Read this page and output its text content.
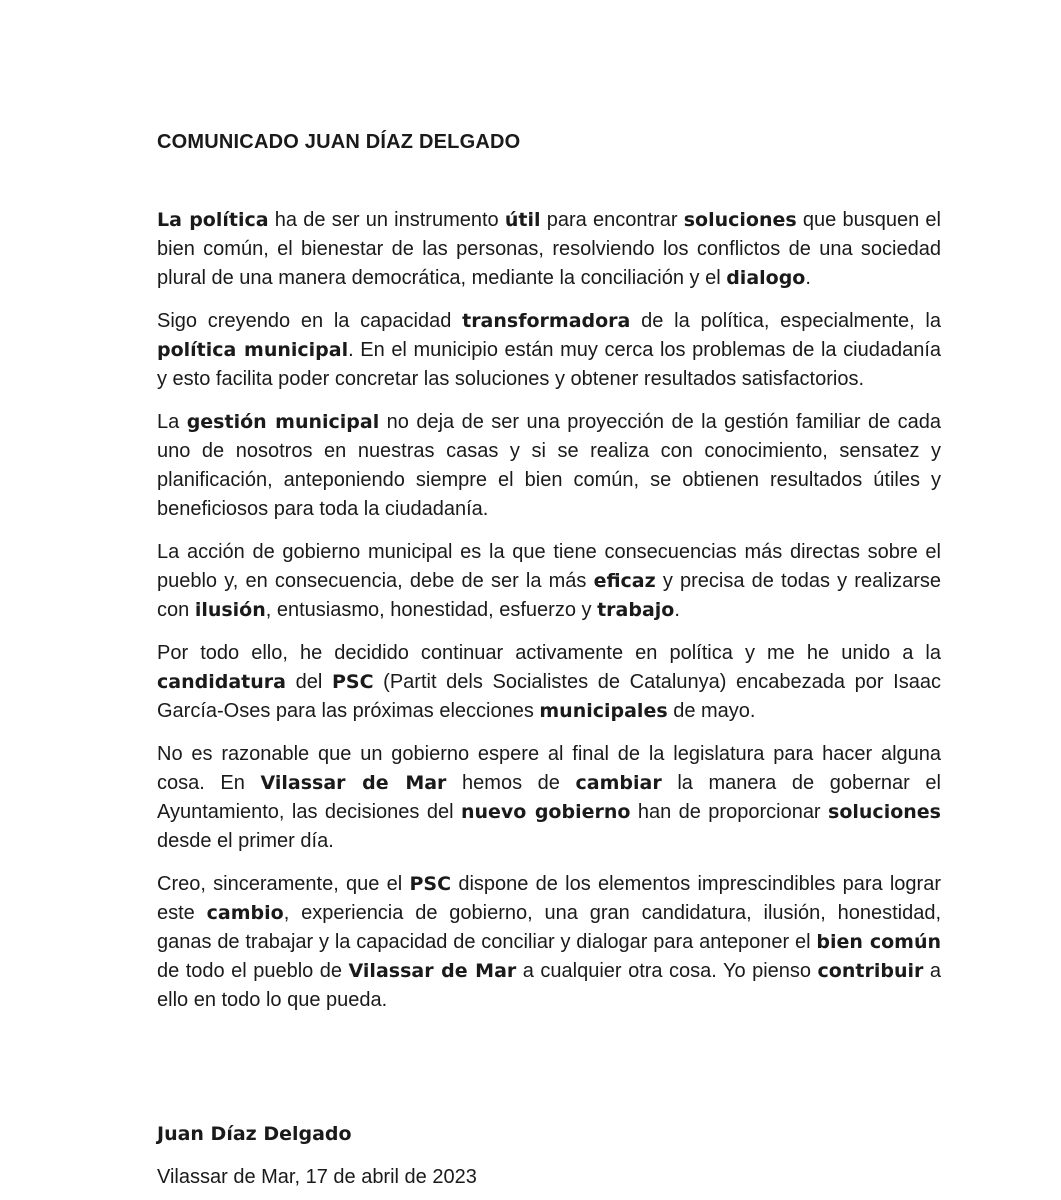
COMUNICADO JUAN DÍAZ DELGADO

La política ha de ser un instrumento útil para encontrar soluciones que busquen el bien común, el bienestar de las personas, resolviendo los conflictos de una sociedad plural de una manera democrática, mediante la conciliación y el dialogo.

Sigo creyendo en la capacidad transformadora de la política, especialmente, la política municipal. En el municipio están muy cerca los problemas de la ciudadanía y esto facilita poder concretar las soluciones y obtener resultados satisfactorios.

La gestión municipal no deja de ser una proyección de la gestión familiar de cada uno de nosotros en nuestras casas y si se realiza con conocimiento, sensatez y planificación, anteponiendo siempre el bien común, se obtienen resultados útiles y beneficiosos para toda la ciudadanía.

La acción de gobierno municipal es la que tiene consecuencias más directas sobre el pueblo y, en consecuencia, debe de ser la más eficaz y precisa de todas y realizarse con ilusión, entusiasmo, honestidad, esfuerzo y trabajo.

Por todo ello, he decidido continuar activamente en política y me he unido a la candidatura del PSC (Partit dels Socialistes de Catalunya) encabezada por Isaac García-Oses para las próximas elecciones municipales de mayo.

No es razonable que un gobierno espere al final de la legislatura para hacer alguna cosa. En Vilassar de Mar hemos de cambiar la manera de gobernar el Ayuntamiento, las decisiones del nuevo gobierno han de proporcionar soluciones desde el primer día.

Creo, sinceramente, que el PSC dispone de los elementos imprescindibles para lograr este cambio, experiencia de gobierno, una gran candidatura, ilusión, honestidad, ganas de trabajar y la capacidad de conciliar y dialogar para anteponer el bien común de todo el pueblo de Vilassar de Mar a cualquier otra cosa. Yo pienso contribuir a ello en todo lo que pueda.

Juan Díaz Delgado

Vilassar de Mar, 17 de abril de 2023
